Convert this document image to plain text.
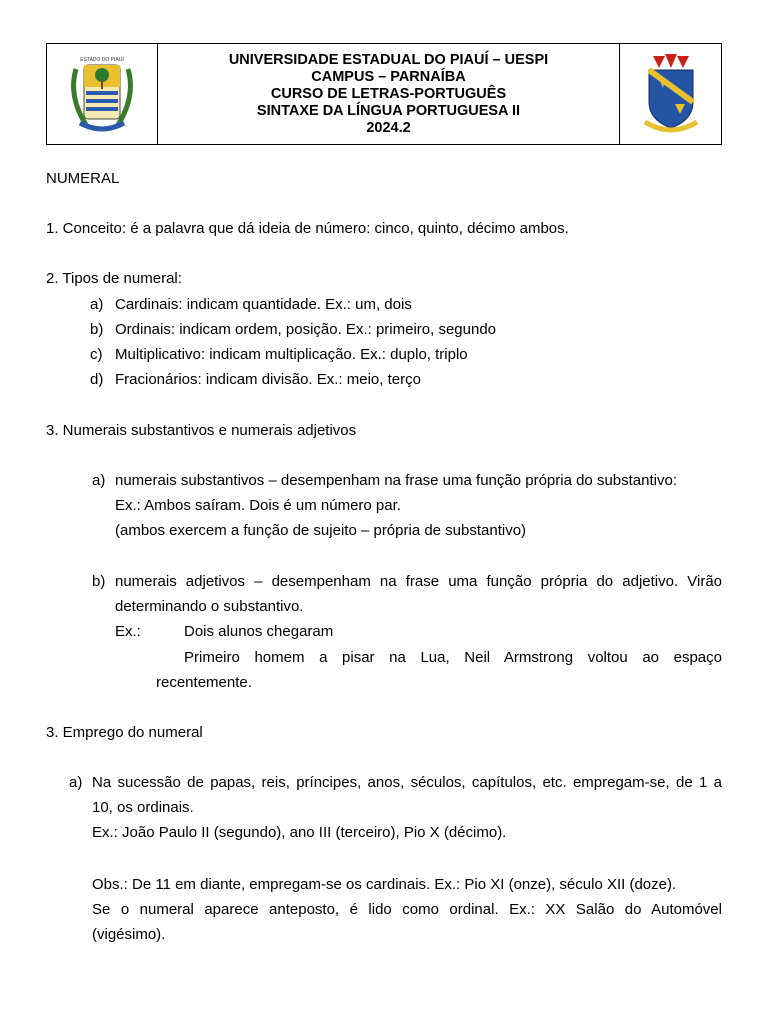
ESTADO DO PIAUÍ	UNIVERSIDADE ESTADUAL DO PIAUÍ – UESPI
CAMPUS – PARNAÍBA
CURSO DE LETRAS-PORTUGUÊS
SINTAXE DA LÍNGUA PORTUGUESA II
2024.2
NUMERAL
1. Conceito: é a palavra que dá ideia de número: cinco, quinto, décimo ambos.
2. Tipos de numeral:
a) Cardinais: indicam quantidade. Ex.: um, dois
b) Ordinais: indicam ordem, posição. Ex.: primeiro, segundo
c) Multiplicativo: indicam multiplicação. Ex.: duplo, triplo
d) Fracionários: indicam divisão. Ex.: meio, terço
3. Numerais substantivos e numerais adjetivos
a) numerais substantivos – desempenham na frase uma função própria do substantivo:
Ex.: Ambos saíram. Dois é um número par.
(ambos exercem a função de sujeito – própria de substantivo)
b) numerais adjetivos – desempenham na frase uma função própria do adjetivo. Virão
determinando o substantivo.
Ex.:	Dois alunos chegaram
Primeiro homem a pisar na Lua, Neil Armstrong voltou ao espaço
recentemente.
3. Emprego do numeral
a) Na sucessão de papas, reis, príncipes, anos, séculos, capítulos, etc. empregam-se, de 1 a
10, os ordinais.
Ex.: João Paulo II (segundo), ano III (terceiro), Pio X (décimo).
Obs.: De 11 em diante, empregam-se os cardinais. Ex.: Pio XI (onze), século XII (doze).
Se o numeral aparece anteposto, é lido como ordinal. Ex.: XX Salão do Automóvel
(vigésimo).
